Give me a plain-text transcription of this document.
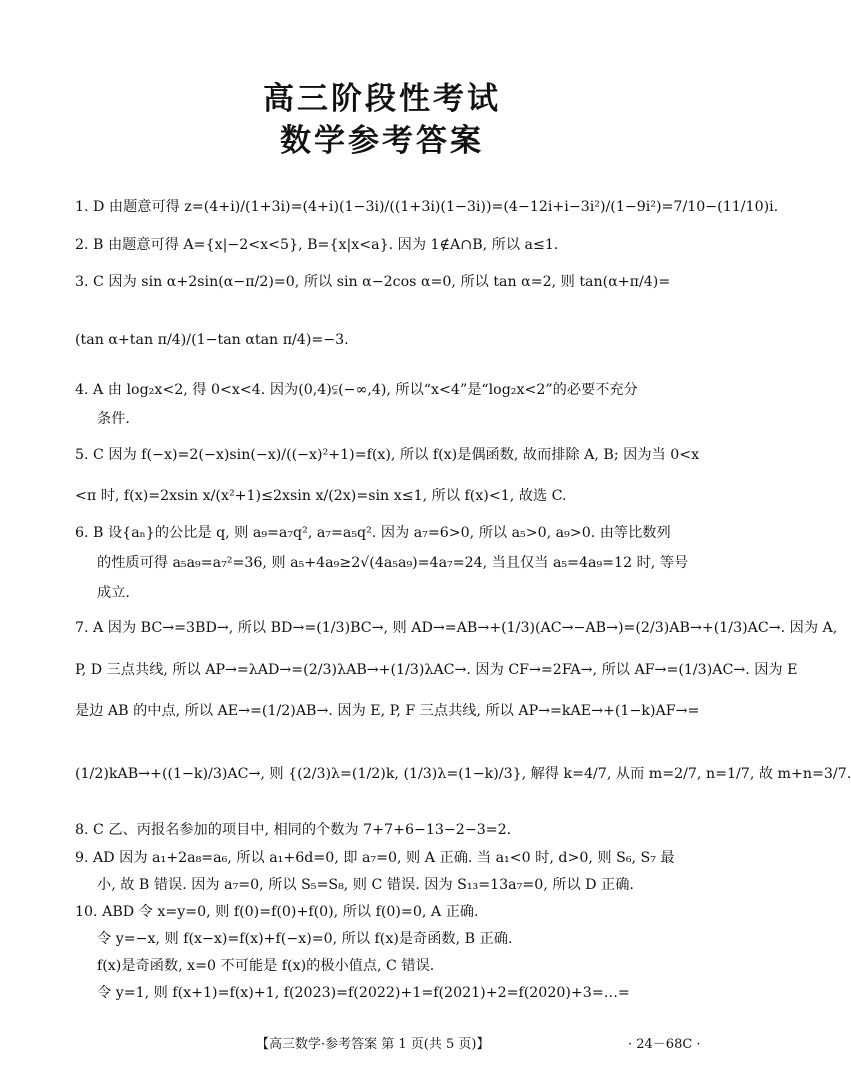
高三阶段性考试
数学参考答案
1. D 由题意可得 z=(4+i)/(1+3i)=(4+i)(1−3i)/((1+3i)(1−3i))=(4−12i+i−3i²)/(1−9i²)=7/10−(11/10)i.
2. B 由题意可得 A={x|−2<x<5}, B={x|x<a}. 因为 1∉A∩B, 所以 a≤1.
3. C 因为 sin α+2sin(α−π/2)=0, 所以 sin α−2cos α=0, 所以 tan α=2, 则 tan(α+π/4)=
(tan α+tan π/4)/(1−tan αtan π/4)=−3.
4. A 由 log₂x<2, 得 0<x<4. 因为(0,4)⫋(−∞,4), 所以“x<4”是“log₂x<2”的必要不充分
条件.
5. C 因为 f(−x)=2(−x)sin(−x)/((−x)²+1)=f(x), 所以 f(x)是偶函数, 故而排除 A, B; 因为当 0<x
<π 时, f(x)=2xsin x/(x²+1)≤2xsin x/(2x)=sin x≤1, 所以 f(x)<1, 故选 C.
6. B 设{aₙ}的公比是 q, 则 a₉=a₇q², a₇=a₅q². 因为 a₇=6>0, 所以 a₅>0, a₉>0. 由等比数列
的性质可得 a₅a₉=a₇²=36, 则 a₅+4a₉≥2√(4a₅a₉)=4a₇=24, 当且仅当 a₅=4a₉=12 时, 等号
成立.
7. A 因为 BC→=3BD→, 所以 BD→=(1/3)BC→, 则 AD→=AB→+(1/3)(AC→−AB→)=(2/3)AB→+(1/3)AC→. 因为 A,
P, D 三点共线, 所以 AP→=λAD→=(2/3)λAB→+(1/3)λAC→. 因为 CF→=2FA→, 所以 AF→=(1/3)AC→. 因为 E
是边 AB 的中点, 所以 AE→=(1/2)AB→. 因为 E, P, F 三点共线, 所以 AP→=kAE→+(1−k)AF→=
(1/2)kAB→+((1−k)/3)AC→, 则 {(2/3)λ=(1/2)k, (1/3)λ=(1−k)/3}, 解得 k=4/7, 从而 m=2/7, n=1/7, 故 m+n=3/7.
8. C 乙、丙报名参加的项目中, 相同的个数为 7+7+6−13−2−3=2.
9. AD 因为 a₁+2a₈=a₆, 所以 a₁+6d=0, 即 a₇=0, 则 A 正确. 当 a₁<0 时, d>0, 则 S₆, S₇ 最
小, 故 B 错误. 因为 a₇=0, 所以 S₅=S₈, 则 C 错误. 因为 S₁₃=13a₇=0, 所以 D 正确.
10. ABD 令 x=y=0, 则 f(0)=f(0)+f(0), 所以 f(0)=0, A 正确.
令 y=−x, 则 f(x−x)=f(x)+f(−x)=0, 所以 f(x)是奇函数, B 正确.
f(x)是奇函数, x=0 不可能是 f(x)的极小值点, C 错误.
令 y=1, 则 f(x+1)=f(x)+1, f(2023)=f(2022)+1=f(2021)+2=f(2020)+3=…=
【高三数学·参考答案 第 1 页(共 5 页)】	· 24－68C ·
